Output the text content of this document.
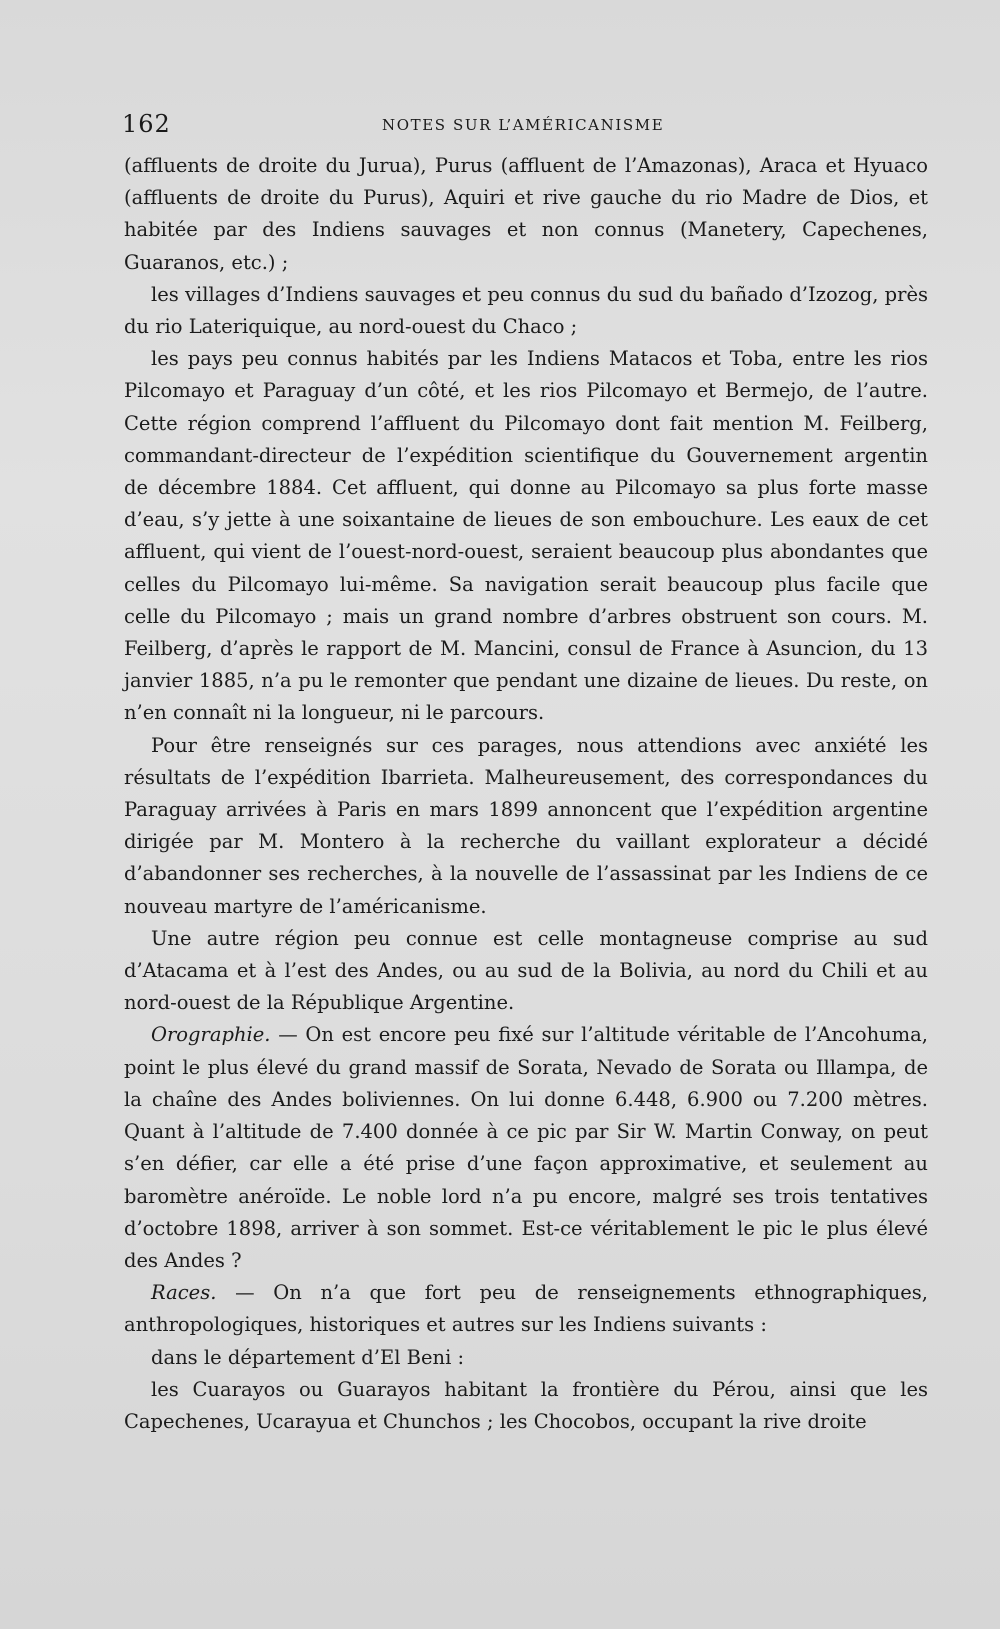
162	NOTES SUR L’AMÉRICANISME

(affluents de droite du Jurua), Purus (affluent de l’Amazonas), Araca et Hyuaco (affluents de droite du Purus), Aquiri et rive gauche du rio Madre de Dios, et habitée par des Indiens sauvages et non connus (Manetery, Capechenes, Guaranos, etc.) ;

les villages d’Indiens sauvages et peu connus du sud du bañado d’Izozog, près du rio Lateriquique, au nord-ouest du Chaco ;

les pays peu connus habités par les Indiens Matacos et Toba, entre les rios Pilcomayo et Paraguay d’un côté, et les rios Pilcomayo et Bermejo, de l’autre. Cette région comprend l’affluent du Pilcomayo dont fait mention M. Feilberg, commandant-directeur de l’expédition scientifique du Gouvernement argentin de décembre 1884. Cet affluent, qui donne au Pilcomayo sa plus forte masse d’eau, s’y jette à une soixantaine de lieues de son embouchure. Les eaux de cet affluent, qui vient de l’ouest-nord-ouest, seraient beaucoup plus abondantes que celles du Pilcomayo lui-même. Sa navigation serait beaucoup plus facile que celle du Pilcomayo ; mais un grand nombre d’arbres obstruent son cours. M. Feilberg, d’après le rapport de M. Mancini, consul de France à Asuncion, du 13 janvier 1885, n’a pu le remonter que pendant une dizaine de lieues. Du reste, on n’en connaît ni la longueur, ni le parcours.

Pour être renseignés sur ces parages, nous attendions avec anxiété les résultats de l’expédition Ibarrieta. Malheureusement, des correspondances du Paraguay arrivées à Paris en mars 1899 annoncent que l’expédition argentine dirigée par M. Montero à la recherche du vaillant explorateur a décidé d’abandonner ses recherches, à la nouvelle de l’assassinat par les Indiens de ce nouveau martyre de l’américanisme.

Une autre région peu connue est celle montagneuse comprise au sud d’Atacama et à l’est des Andes, ou au sud de la Bolivia, au nord du Chili et au nord-ouest de la République Argentine.

Orographie. — On est encore peu fixé sur l’altitude véritable de l’Ancohuma, point le plus élevé du grand massif de Sorata, Nevado de Sorata ou Illampa, de la chaîne des Andes boliviennes. On lui donne 6.448, 6.900 ou 7.200 mètres. Quant à l’altitude de 7.400 donnée à ce pic par Sir W. Martin Conway, on peut s’en défier, car elle a été prise d’une façon approximative, et seulement au baromètre anéroïde. Le noble lord n’a pu encore, malgré ses trois tentatives d’octobre 1898, arriver à son sommet. Est-ce véritablement le pic le plus élevé des Andes ?

Races. — On n’a que fort peu de renseignements ethnographiques, anthropologiques, historiques et autres sur les Indiens suivants :

dans le département d’El Beni :

les Cuarayos ou Guarayos habitant la frontière du Pérou, ainsi que les Capechenes, Ucarayua et Chunchos ; les Chocobos, occupant la rive droite
